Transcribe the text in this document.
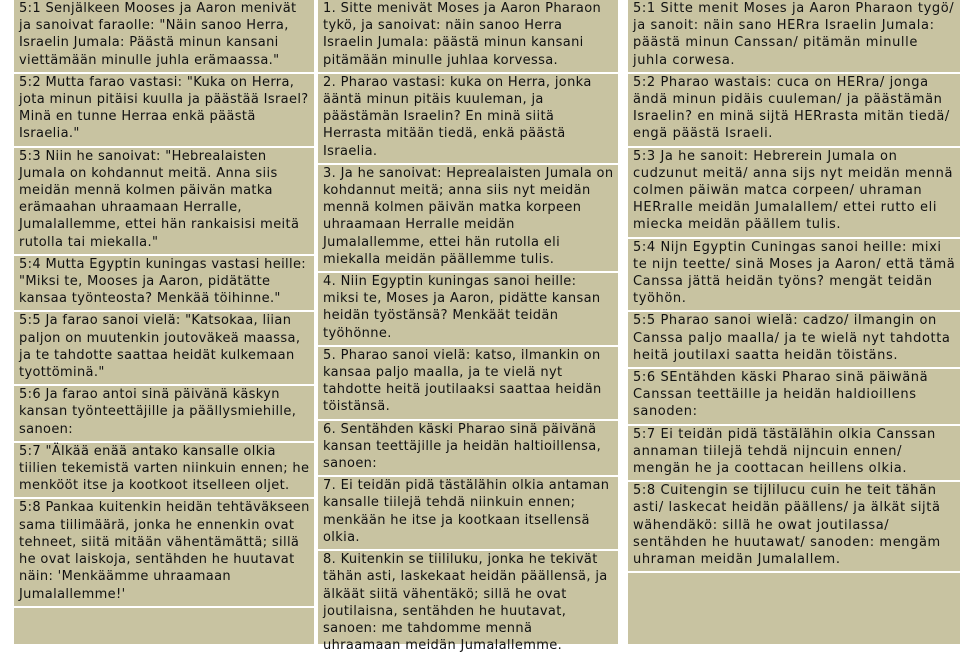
5:1 Senjälkeen Mooses ja Aaron menivät ja sanoivat faraolle: "Näin sanoo Herra, Israelin Jumala: Päästä minun kansani viettämään minulle juhla erämaassa."
5:2 Mutta farao vastasi: "Kuka on Herra, jota minun pitäisi kuulla ja päästää Israel? Minä en tunne Herraa enkä päästä Israelia."
5:3 Niin he sanoivat: "Hebrealaisten Jumala on kohdannut meitä. Anna siis meidän mennä kolmen päivän matka erämaahan uhraamaan Herralle, Jumalallemme, ettei hän rankaisisi meitä rutolla tai miekalla."
5:4 Mutta Egyptin kuningas vastasi heille: "Miksi te, Mooses ja Aaron, pidätätte kansaa työnteosta? Menkää töihinne."
5:5 Ja farao sanoi vielä: "Katsokaa, liian paljon on muutenkin joutoväkeä maassa, ja te tahdotte saattaa heidät kulkemaan tyottöminä."
5:6 Ja farao antoi sinä päivänä käskyn kansan työnteettäjille ja päällysmiehille, sanoen:
5:7 "Älkää enää antako kansalle olkia tiilien tekemistä varten niinkuin ennen; he menkööt itse ja kootkoot itselleen oljet.
5:8 Pankaa kuitenkin heidän tehtäväkseen sama tiilimäärä, jonka he ennenkin ovat tehneet, siitä mitään vähentämättä; sillä he ovat laiskoja, sentähden he huutavat näin: 'Menkäämme uhraamaan Jumalallemme!'
1. Sitte menivät Moses ja Aaron Pharaon tykö, ja sanoivat: näin sanoo Herra Israelin Jumala: päästä minun kansani pitämään minulle juhlaa korvessa.
2. Pharao vastasi: kuka on Herra, jonka ääntä minun pitäis kuuleman, ja päästämän Israelin? En minä siitä Herrasta mitään tiedä, enkä päästä Israelia.
3. Ja he sanoivat: Heprealaisten Jumala on kohdannut meitä; anna siis nyt meidän mennä kolmen päivän matka korpeen uhraamaan Herralle meidän Jumalallemme, ettei hän rutolla eli miekalla meidän päällemme tulis.
4. Niin Egyptin kuningas sanoi heille: miksi te, Moses ja Aaron, pidätte kansan heidän työstänsä? Menkäät teidän työhönne.
5. Pharao sanoi vielä: katso, ilmankin on kansaa paljo maalla, ja te vielä nyt tahdotte heitä joutilaaksi saattaa heidän töistänsä.
6. Sentähden käski Pharao sinä päivänä kansan teettäjille ja heidän haltioillensa, sanoen:
7. Ei teidän pidä tästälähin olkia antaman kansalle tiilejä tehdä niinkuin ennen; menkään he itse ja kootkaan itsellensä olkia.
8. Kuitenkin se tiililuku, jonka he tekivät tähän asti, laskekaat heidän päällensä, ja älkäät siitä vähentäkö; sillä he ovat joutilaisna, sentähden he huutavat, sanoen: me tahdomme mennä uhraamaan meidän Jumalallemme.
5:1 Sitte menit Moses ja Aaron Pharaon tygö/ ja sanoit: näin sano HERra Israelin Jumala: päästä minun Canssan/ pitämän minulle juhla corwesa.
5:2 Pharao wastais: cuca on HERra/ jonga ändä minun pidäis cuuleman/ ja päästämän Israelin? en minä sijtä HERrasta mitän tiedä/ engä päästä Israeli.
5:3 Ja he sanoit: Hebrerein Jumala on cudzunut meitä/ anna sijs nyt meidän mennä colmen päiwän matca corpeen/ uhraman HERralle meidän Jumalallem/ ettei rutto eli miecka meidän päällem tulis.
5:4 Nijn Egyptin Cuningas sanoi heille: mixi te nijn teette/ sinä Moses ja Aaron/ että tämä Canssa jättä heidän työns? mengät teidän työhön.
5:5 Pharao sanoi wielä: cadzo/ ilmangin on Canssa paljo maalla/ ja te wielä nyt tahdotta heitä joutilaxi saatta heidän töistäns.
5:6 SEntähden käski Pharao sinä päiwänä Canssan teettäille ja heidän haldioillens sanoden:
5:7 Ei teidän pidä tästälähin olkia Canssan annaman tiilejä tehdä nijncuin ennen/ mengän he ja coottacan heillens olkia.
5:8 Cuitengin se tijlilucu cuin he teit tähän asti/ laskecat heidän päällens/ ja älkät sijtä wähendäkö: sillä he owat joutilassa/ sentähden he huutawat/ sanoden: mengäm uhraman meidän Jumalallem.
